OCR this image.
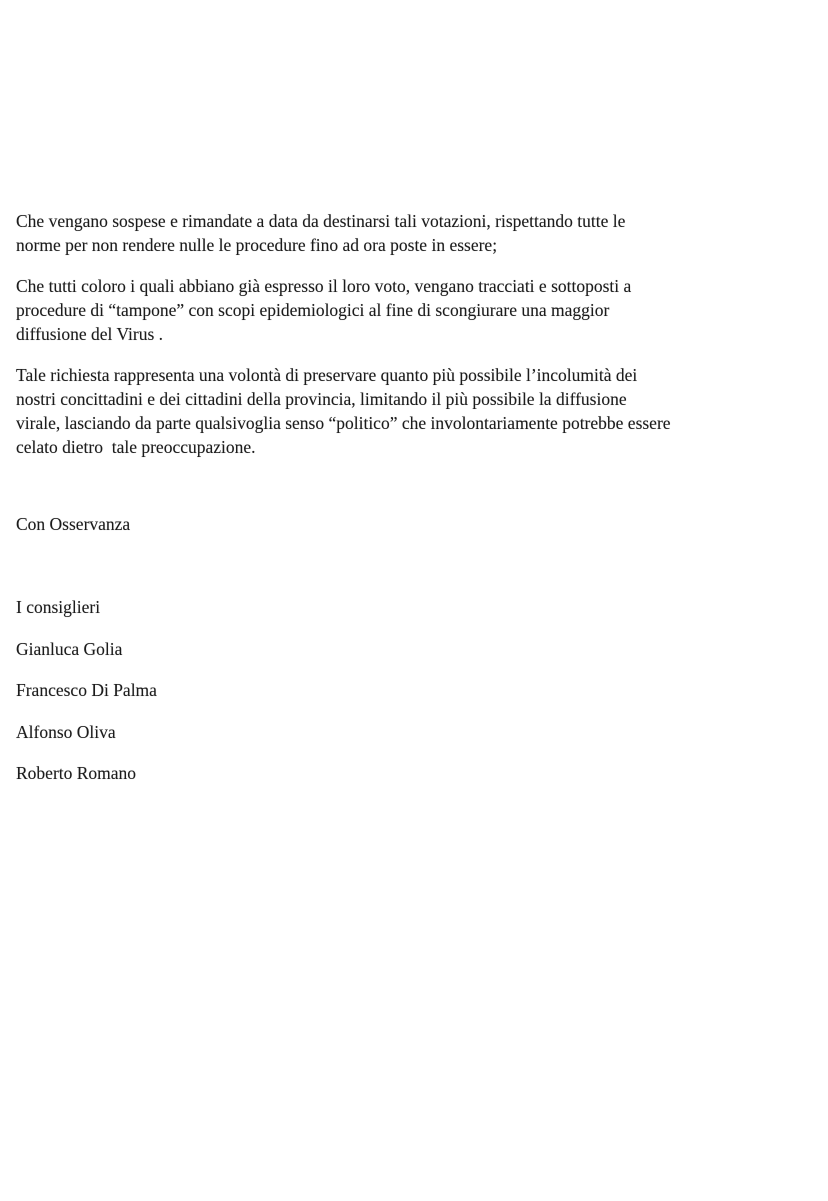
Che vengano sospese e rimandate a data da destinarsi tali votazioni, rispettando tutte le
norme per non rendere nulle le procedure fino ad ora poste in essere;
Che tutti coloro i quali abbiano già espresso il loro voto, vengano tracciati e sottoposti a
procedure di “tampone” con scopi epidemiologici al fine di scongiurare una maggior
diffusione del Virus .
Tale richiesta rappresenta una volontà di preservare quanto più possibile l’incolumità dei
nostri concittadini e dei cittadini della provincia, limitando il più possibile la diffusione
virale, lasciando da parte qualsivoglia senso “politico” che involontariamente potrebbe essere
celato dietro  tale preoccupazione.
Con Osservanza
I consiglieri
Gianluca Golia
Francesco Di Palma
Alfonso Oliva
Roberto Romano
